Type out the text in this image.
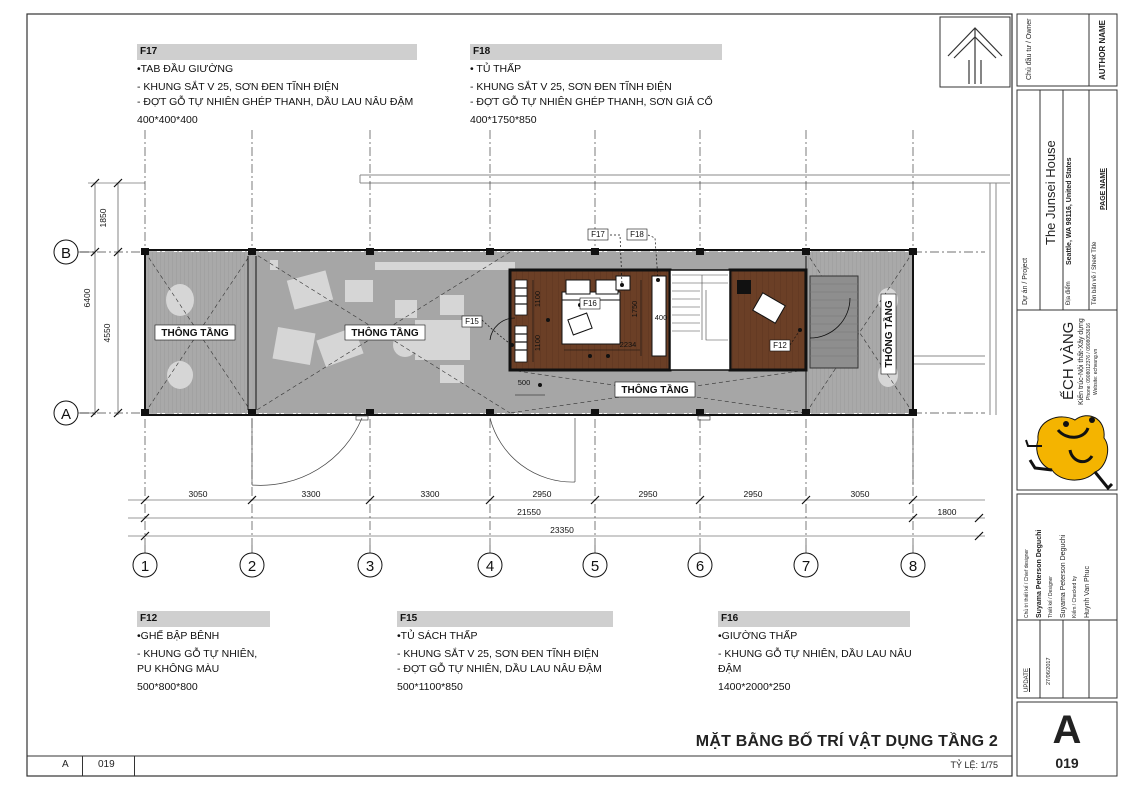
B
A
1	2	3	4	5	6	7	8
3050	3300	3300	2950	2950	2950	3050
21550	1800
23350
1850
6400
4550	THÔNG TẦNG	THÔNG TẦNG
THÔNG TẦNG
THÔNG TẦNG
F17	F18
F16
F15
F12
1100
1100
1750
400
2234
500
F17
•TAB ĐẦU GIƯỜNG
- KHUNG SẮT V 25, SƠN ĐEN TĨNH ĐIỆN
- ĐỢT GỖ TỰ NHIÊN GHÉP THANH, DẦU LAU NÂU ĐẬM
400*400*400
F18
• TỦ THẤP
- KHUNG SẮT V 25, SƠN ĐEN TĨNH ĐIỆN
- ĐỢT GỖ TỰ NHIÊN GHÉP THANH, SƠN GIẢ CỔ
400*1750*850
F12
•GHẾ BẬP BÊNH
- KHUNG GỖ TỰ NHIÊN,
PU KHÔNG MÀU
500*800*800
F15
•TỦ SÁCH THẤP
- KHUNG SẮT V 25, SƠN ĐEN TĨNH ĐIỆN
- ĐỢT GỖ TỰ NHIÊN, DẦU LAU NÂU ĐẬM
500*1100*850
F16
•GIƯỜNG THẤP
- KHUNG GỖ TỰ NHIÊN, DẦU LAU NÂU
ĐẬM
1400*2000*250
Chủ đầu tư / Owner	AUTHOR NAME
Dự án / Project
The Junsei House
Địa điểm
Seattle, WA 98116, United States
Tên bản vẽ / Sheet Title
PAGE NAME
ẾCH VÀNG Kiến trúc-Nội thất-Xây dựng Phone: 0908012376 / 0908053616 Website: echvang.vn
Chủ trì thiết kế / Chief designer Suyama Peterson Deguchi Thiết kế / Designer Suyama Peterson Deguchi Kiểm / Checked by Huynh Van Phuc
UPDATE	27/06/2017
A
019
A	019
MẶT BẰNG BỐ TRÍ VẬT DỤNG TẦNG 2
TỶ LỆ: 1/75
